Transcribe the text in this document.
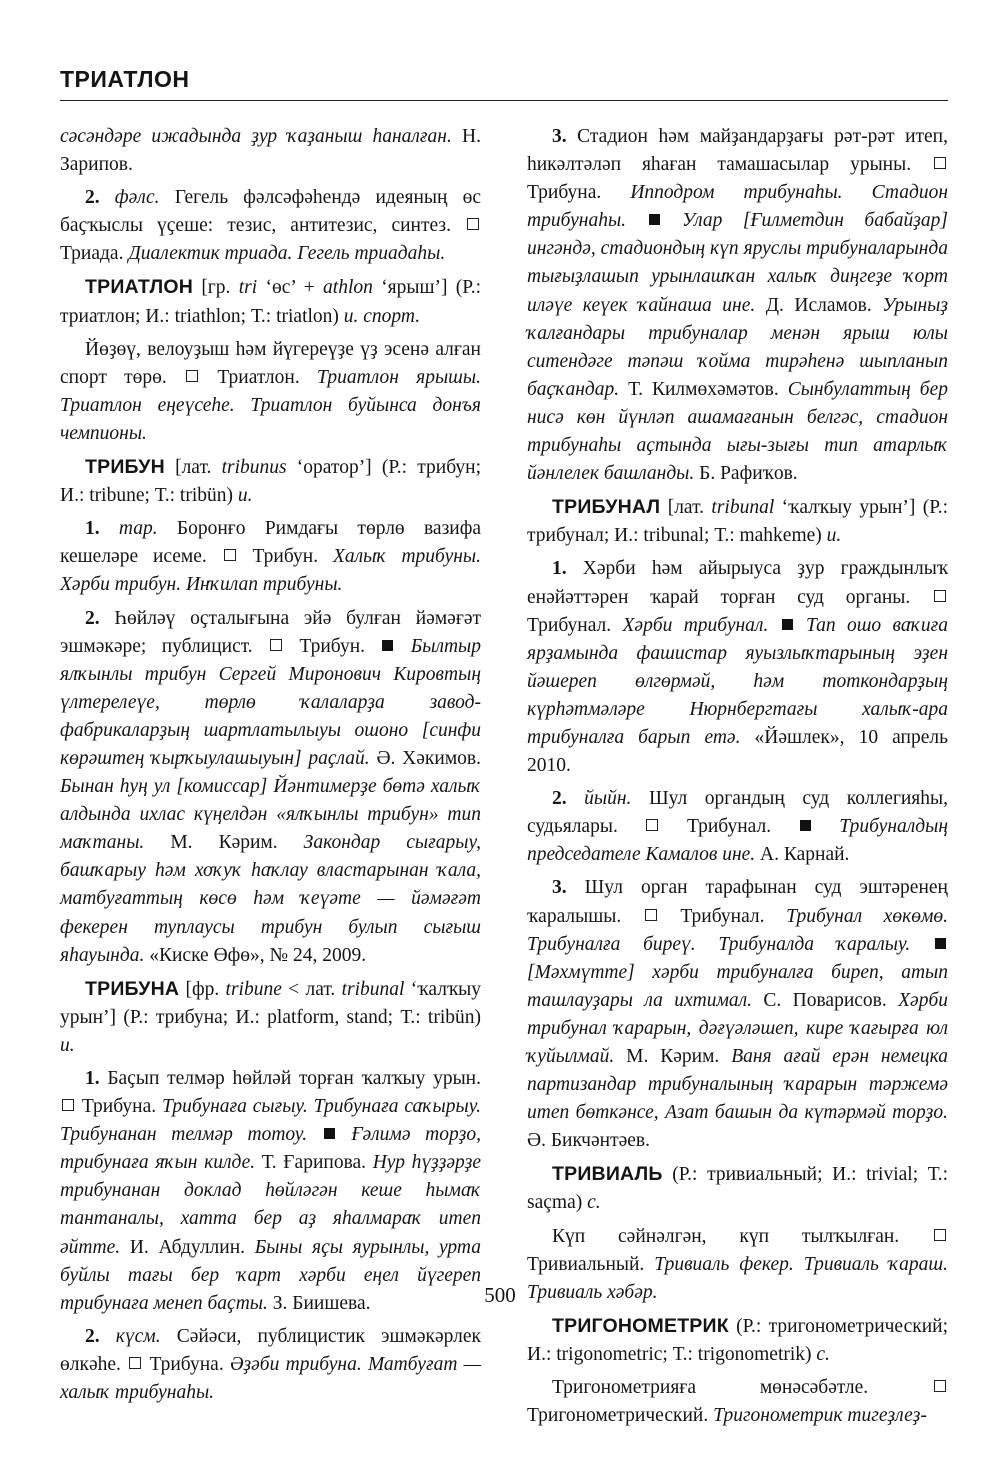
ТРИАТЛОН

сәсәндәре ижадында ҙур ҡаҙаныш һаналған. Н. Зарипов.

2. фәлс. Гегель фәлсәфәһендә идеяның өс баҫҡыслы үҫеше: тезис, антитезис, синтез.  Триада. Диалектик триада. Гегель триадаһы.

ТРИАТЛОН [гр. tri ‘өс’ + athlon ‘ярыш’] (Р.: триатлон; И.: triathlon; Т.: triatlon) и. спорт.

Йөҙөү, велоуҙыш һәм йүгереүҙе үҙ эсенә алған спорт төрө.  Триатлон. Триатлон ярышы. Триатлон еңеүсеһе. Триатлон буйынса донъя чемпионы.

ТРИБУН [лат. tribunus ‘оратор’] (Р.: трибун; И.: tribune; Т.: tribün) и.

1. тар. Боронғо Римдағы төрлө вазифа кешеләре исеме.  Трибун. Халыҡ трибуны. Хәрби трибун. Инҡилап трибуны.

2. Һөйләү оҫталығына эйә булған йәмәғәт эшмәкәре; публицист.  Трибун.  Былтыр ялҡынлы трибун Сергей Миронович Кировтың үлтерелеүе, төрлө ҡалаларҙа завод-фабрикаларҙың шартлатылыуы ошоно [синфи көрәштең ҡырҡыулашыуын] раҫлай. Ә. Хәкимов. Бынан һуң ул [комиссар] Йәнтимерҙе бөтә халыҡ алдында ихлас күңелдән «ялҡынлы трибун» тип маҡтаны. М. Кәрим. Закондар сығарыу, башҡарыу һәм хоҡуҡ һаҡлау властарынан ҡала, матбуғаттың көсө һәм ҡеүәте — йәмәғәт фекерен туплаусы трибун булып сығыш яһауында. «Киске Өфө», № 24, 2009.

ТРИБУНА [фр. tribune < лат. tribunal ‘ҡалҡыу урын’] (Р.: трибуна; И.: platform, stand; Т.: tribün) и.

1. Баҫып телмәр һөйләй торған ҡалҡыу урын.  Трибуна. Трибунаға сығыу. Трибунаға саҡырыу. Трибунанан телмәр тотоу.  Ғәлимә торҙо, трибунаға яҡын килде. Т. Ғарипова. Нур һүҙҙәрҙе трибунанан доклад һөйләгән кеше һымаҡ тантаналы, хатта бер аҙ яһалмараҡ итеп әйтте. И. Абдуллин. Быны яҫы яурынлы, урта буйлы тағы бер ҡарт хәрби еңел йүгереп трибунаға менеп баҫты. З. Биишева.

2. күсм. Сәйәси, публицистик эшмәкәрлек өлкәһе.  Трибуна. Әҙәби трибуна. Матбуғат — халыҡ трибунаһы.

3. Стадион һәм майҙандарҙағы рәт-рәт итеп, һикәлтәләп яһаған тамашасылар урыны.  Трибуна. Ипподром трибунаһы. Стадион трибунаһы.  Улар [Ғилметдин бабайҙар] ингәндә, стадиондың күп яруслы трибуналарында тығыҙлашып урынлашҡан халыҡ диңгеҙе ҡорт иләүе кеүек ҡайнаша ине. Д. Исламов. Урыныҙ ҡалғандары трибуналар менән ярыш юлы ситендәге тәпәш ҡойма тирәһенә шыпланып баҫҡандар. Т. Килмөхәмәтов. Сынбулаттың бер нисә көн йүнләп ашамағанын белгәс, стадион трибунаһы аҫтында ығы-зығы тип атарлыҡ йәнлелек башланды. Б. Рафиҡов.

ТРИБУНАЛ [лат. tribunal ‘ҡалҡыу урын’] (Р.: трибунал; И.: tribunal; Т.: mahkeme) и.

1. Хәрби һәм айырыуса ҙур граждынлыҡ енәйәттәрен ҡарай торған суд органы.  Трибунал. Хәрби трибунал.  Тап ошо ваҡиға ярҙамында фашистар яуызлыҡтарының эҙен йәшереп өлгөрмәй, һәм тоткондарҙың күрһәтмәләре Нюрнбергтағы халыҡ-ара трибуналға барып етә. «Йәшлек», 10 апрель 2010.

2. йыйн. Шул органдың суд коллегияһы, судьялары.  Трибунал.  Трибуналдың председателе Камалов ине. А. Карнай.

3. Шул орган тарафынан суд эштәренең ҡаралышы.  Трибунал. Трибунал хөкөмө. Трибуналға биреү. Трибуналда ҡаралыу.  [Мәхмүтте] хәрби трибуналға биреп, атып ташлауҙары ла ихтимал. С. Поварисов. Хәрби трибунал ҡарарын, дәғүәләшеп, кире ҡағырға юл ҡуйылмай. М. Кәрим. Ваня ағай ерән немецка партизандар трибуналының ҡарарын тәржемә итеп бөткәнсе, Азат башын да күтәрмәй торҙо. Ә. Бикчәнтәев.

ТРИВИАЛЬ (Р.: тривиальный; И.: trivial; Т.: saçma) с.

Күп сәйнәлгән, күп тылҡылған.  Тривиальный. Тривиаль фекер. Тривиаль ҡараш. Тривиаль хәбәр.

ТРИГОНОМЕТРИК (Р.: тригонометрический; И.: trigonometric; Т.: trigonometrik) с.

Тригонометрияға мөнәсәбәтле.  Тригонометрический. Тригонометрик тигеҙлеҙ-

500
